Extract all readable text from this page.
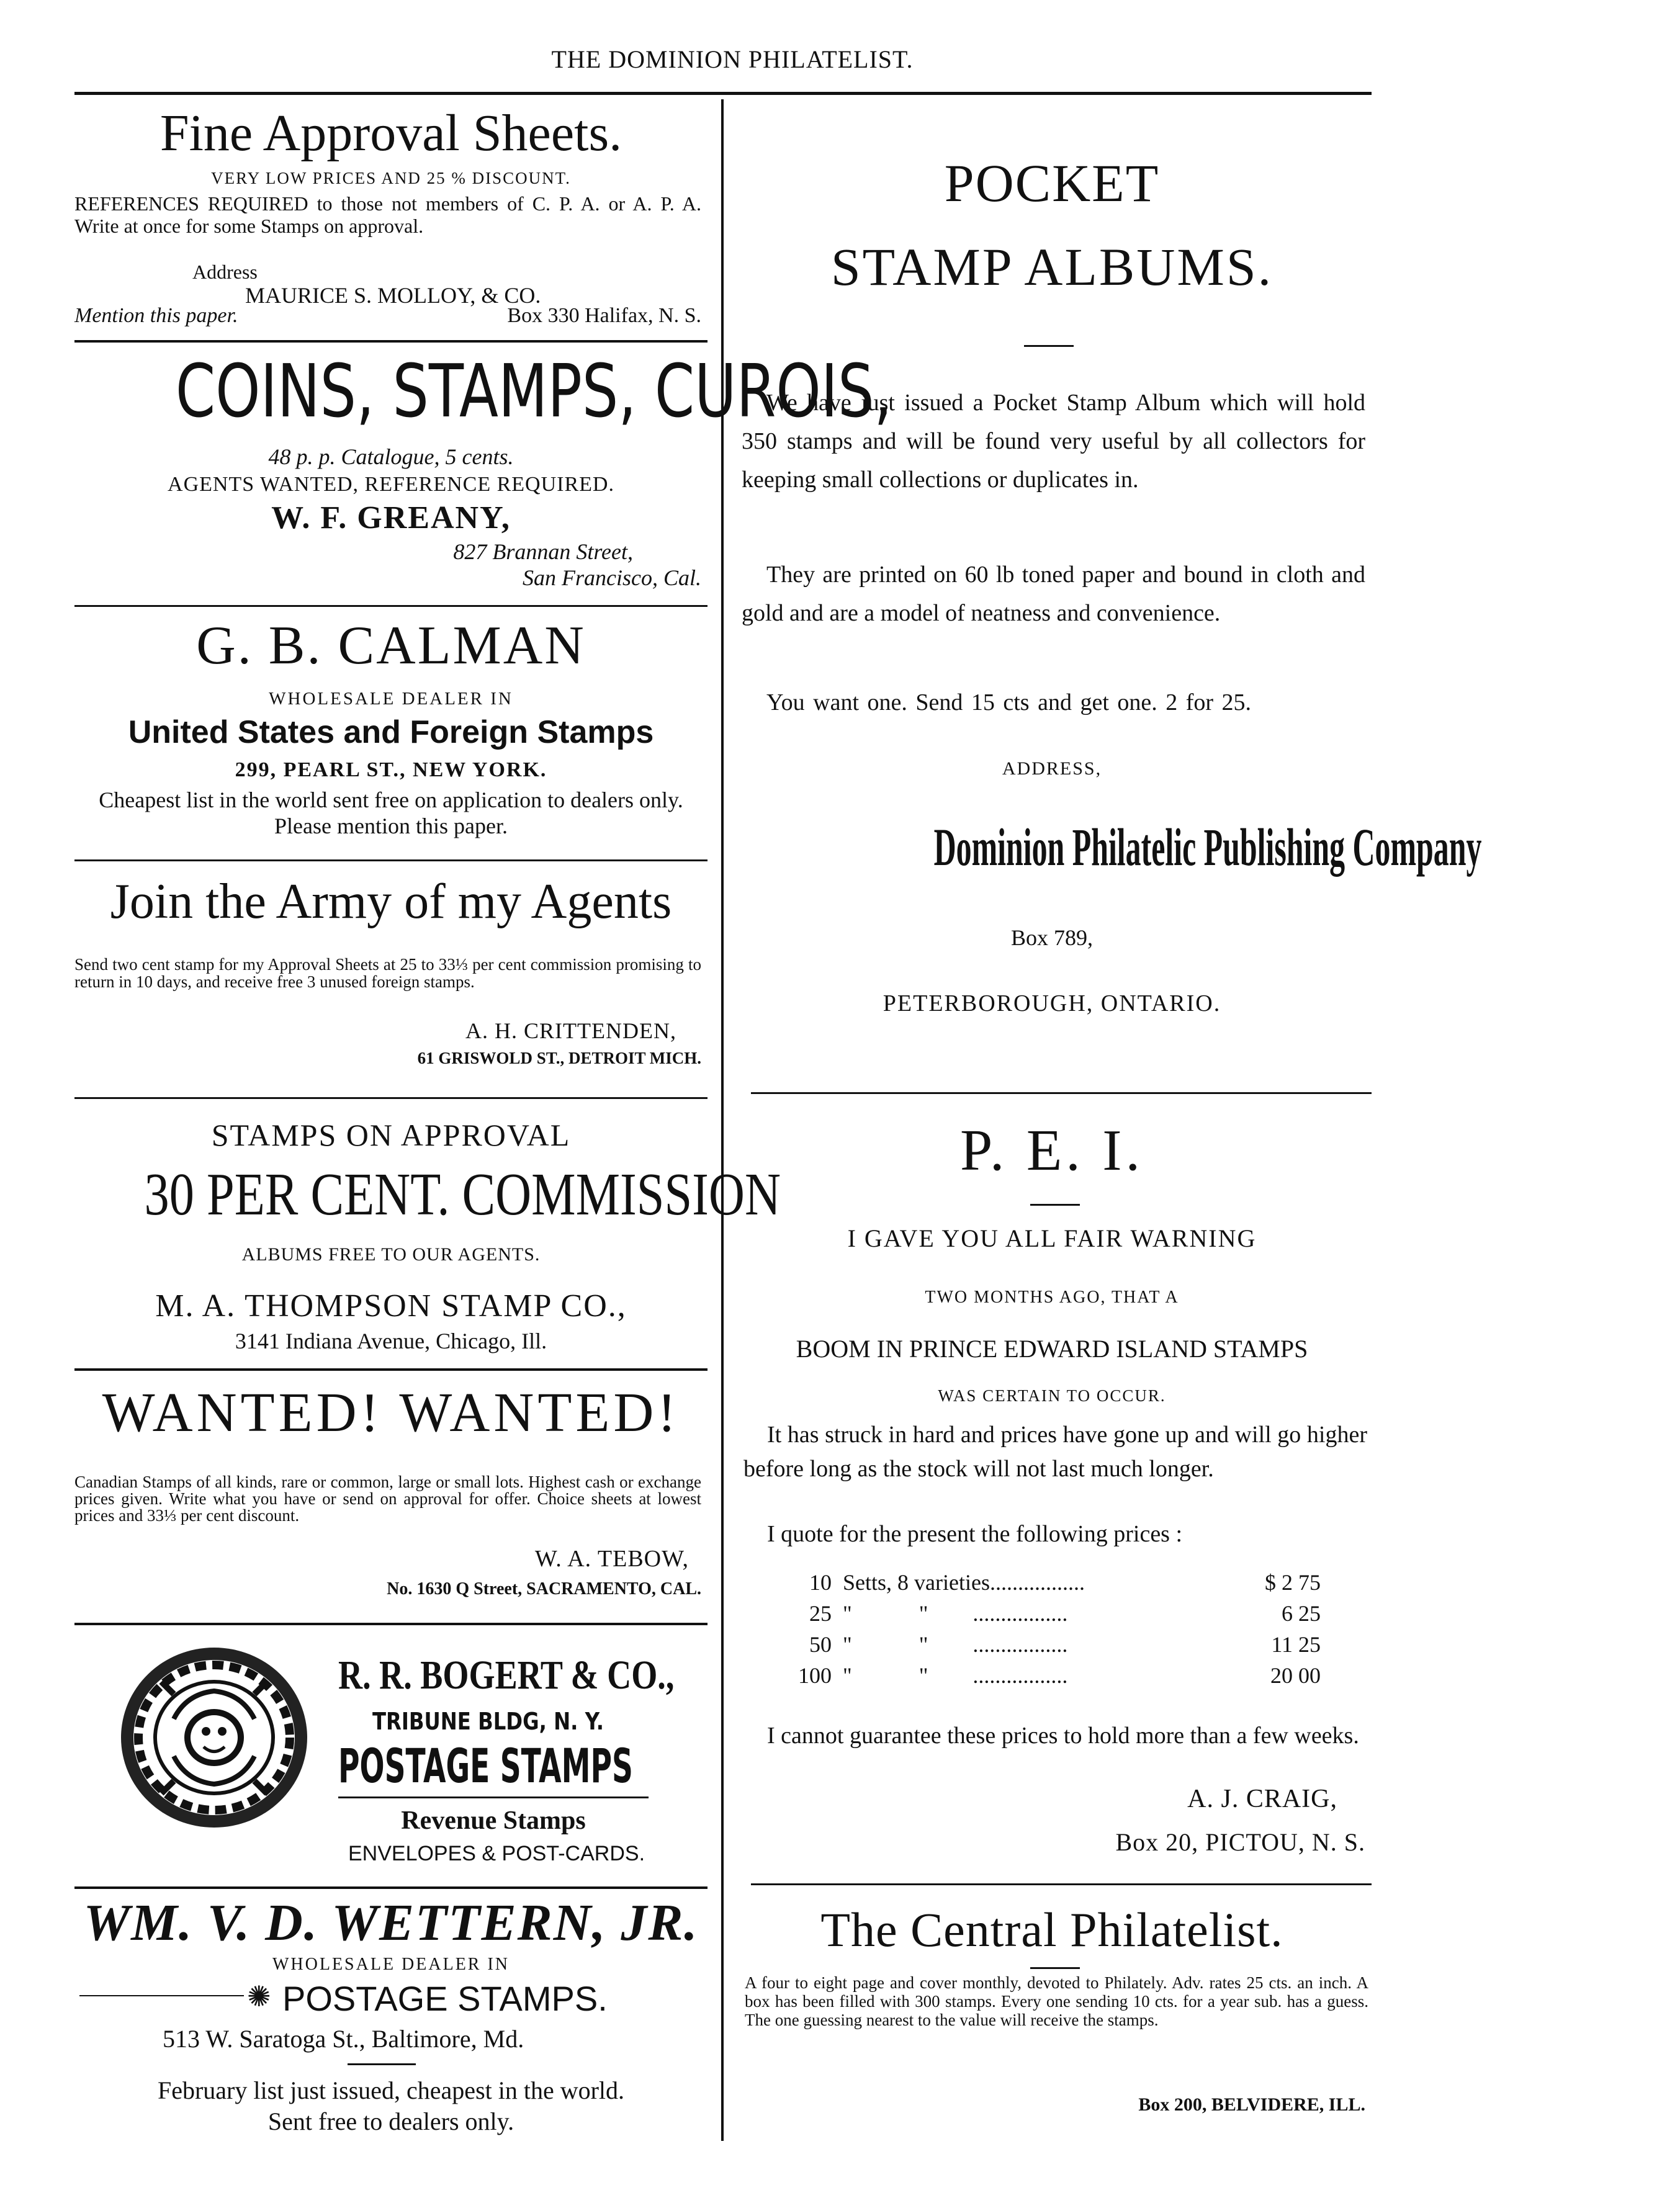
THE DOMINION PHILATELIST.
Fine Approval Sheets.
VERY LOW PRICES AND 25 % DISCOUNT.
REFERENCES REQUIRED to those not members of C. P. A. or A. P. A. Write at once for some Stamps on approval.
Address
MAURICE S. MOLLOY, & CO.
Mention this paper.	Box 330 Halifax, N. S.
COINS, STAMPS, CUROIS,
48 p. p. Catalogue, 5 cents.
AGENTS WANTED, REFERENCE REQUIRED.
W. F. GREANY,
827 Brannan Street,
San Francisco, Cal.
G. B. CALMAN
WHOLESALE DEALER IN
United States and Foreign Stamps
299, PEARL ST., NEW YORK.
Cheapest list in the world sent free on application to dealers only. Please mention this paper.
Join the Army of my Agents
Send two cent stamp for my Approval Sheets at 25 to 33⅓ per cent commission promising to return in 10 days, and receive free 3 unused foreign stamps.
A. H. CRITTENDEN,
61 GRISWOLD ST., DETROIT MICH.
STAMPS ON APPROVAL
30 PER CENT. COMMISSION
ALBUMS FREE TO OUR AGENTS.
M. A. THOMPSON STAMP CO.,
3141 Indiana Avenue, Chicago, Ill.
WANTED! WANTED!
Canadian Stamps of all kinds, rare or common, large or small lots. Highest cash or exchange prices given. Write what you have or send on approval for offer. Choice sheets at lowest prices and 33⅓ per cent discount.
W. A. TEBOW,
No. 1630 Q Street, SACRAMENTO, CAL.
R. R. BOGERT & CO.,
TRIBUNE BLDG, N. Y.
POSTAGE STAMPS
Revenue Stamps
ENVELOPES & POST-CARDS.
WM. V. D. WETTERN, JR.
WHOLESALE DEALER IN
✺ POSTAGE STAMPS.
513 W. Saratoga St., Baltimore, Md.
February list just issued, cheapest in the world.
Sent free to dealers only.
POCKET
STAMP ALBUMS.
We have just issued a Pocket Stamp Album which will hold 350 stamps and will be found very useful by all collectors for keeping small collections or duplicates in.
They are printed on 60 lb toned paper and bound in cloth and gold and are a model of neatness and convenience.
You want one. Send 15 cts and get one. 2 for 25.
ADDRESS,
Dominion Philatelic Publishing Company
Box 789,
PETERBOROUGH, ONTARIO.
P. E. I.
I GAVE YOU ALL FAIR WARNING
TWO MONTHS AGO, THAT A
BOOM IN PRINCE EDWARD ISLAND STAMPS
WAS CERTAIN TO OCCUR.
It has struck in hard and prices have gone up and will go higher before long as the stock will not last much longer.
I quote for the present the following prices :
10 Setts, 8 varieties.................	$ 2 75
25 "            "        .................	6 25
50 "            "        .................	11 25
100 "            "        .................	20 00
I cannot guarantee these prices to hold more than a few weeks.
A. J. CRAIG,
Box 20, PICTOU, N. S.
The Central Philatelist.
A four to eight page and cover monthly, devoted to Philately. Adv. rates 25 cts. an inch. A box has been filled with 300 stamps. Every one sending 10 cts. for a year sub. has a guess. The one guessing nearest to the value will receive the stamps.
Box 200, BELVIDERE, ILL.
